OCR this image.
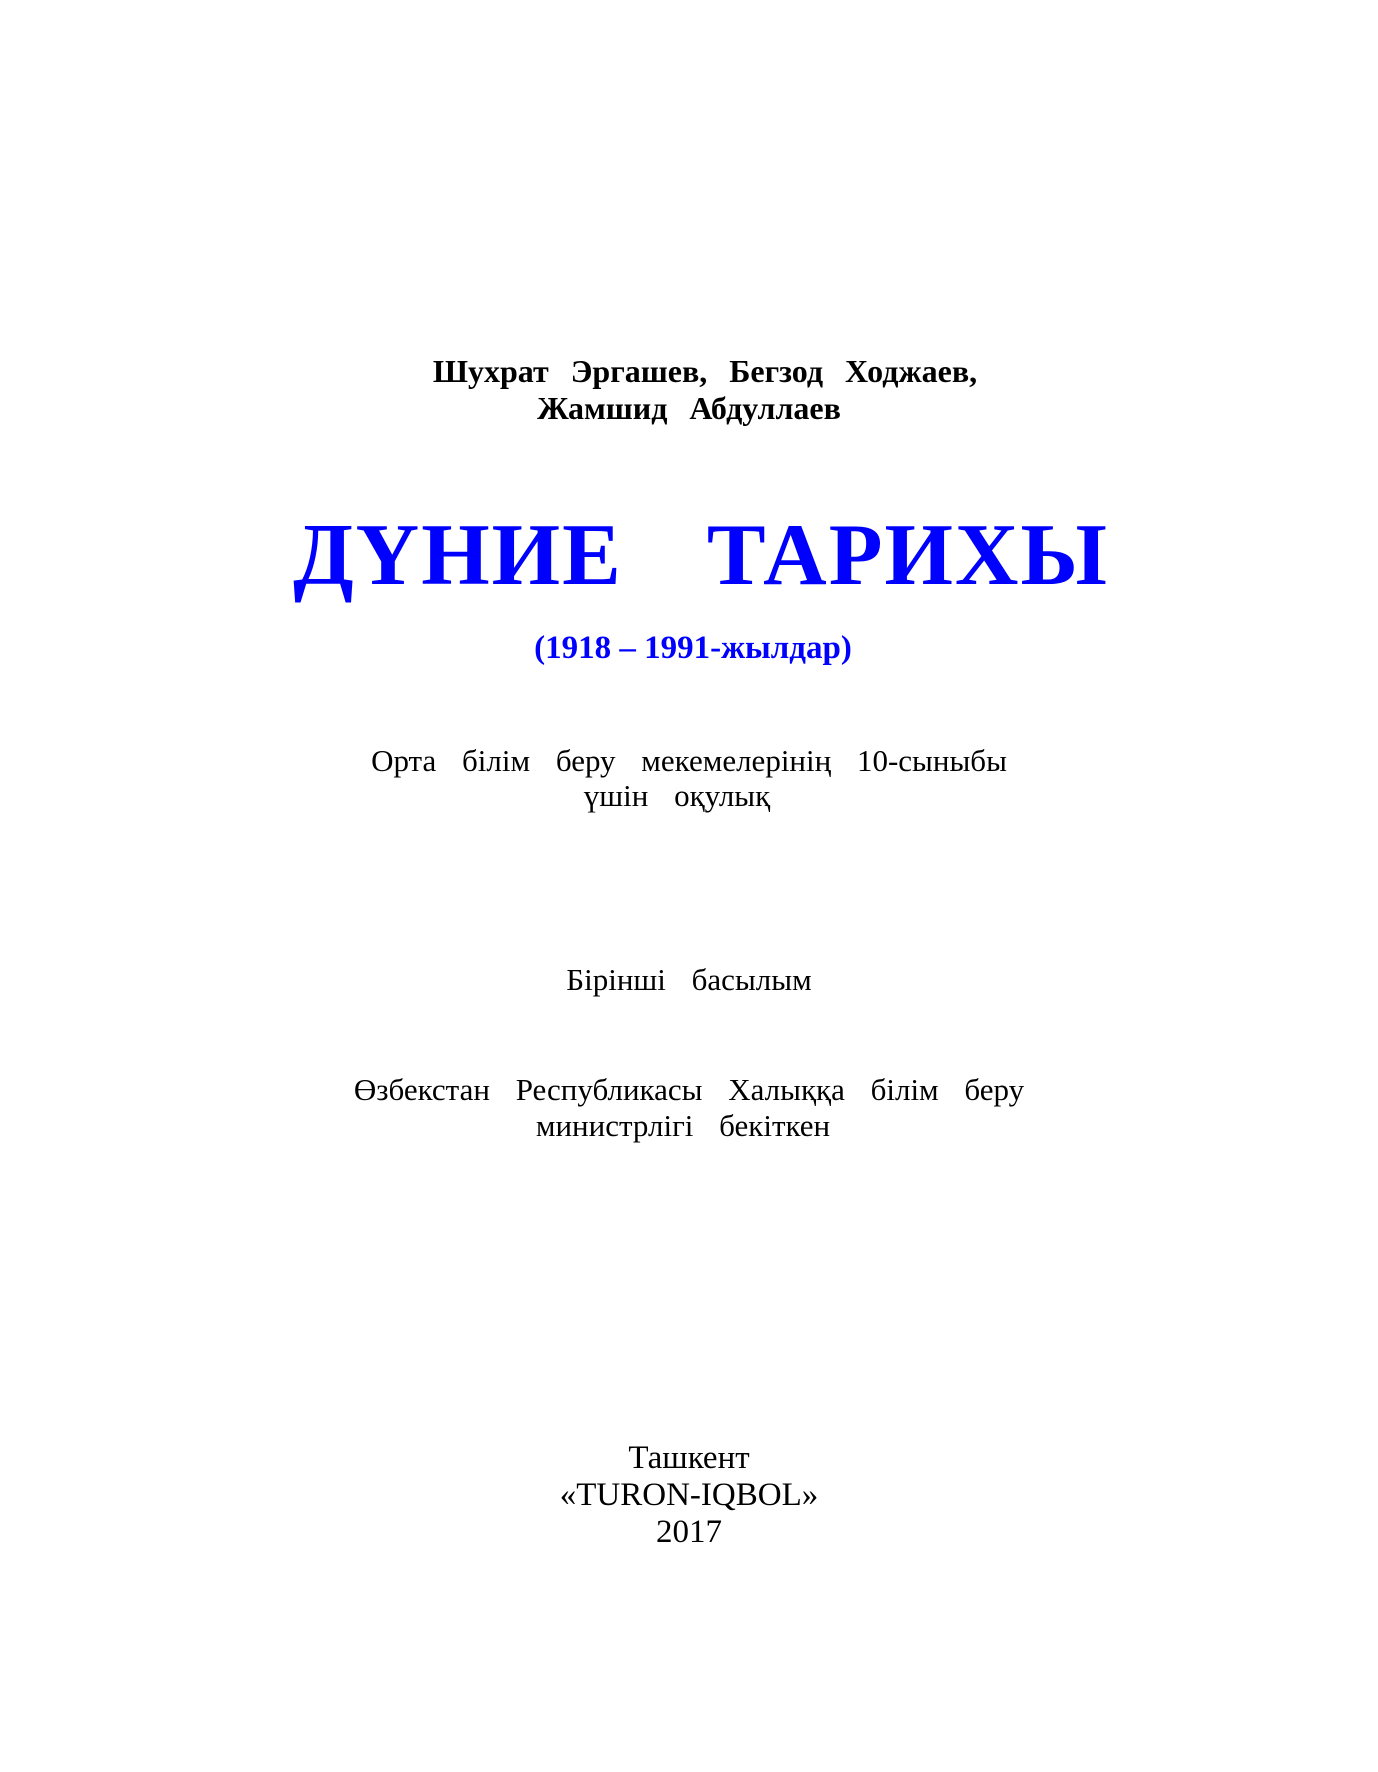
Шухрат Эргашев, Бегзод Ходжаев,
Жамшид Абдуллаев
ДҮНИЕ ТАРИХЫ
(1918 – 1991-жылдар)
Орта білім беру мекемелерінің 10-сыныбы
үшін оқулық
Бірінші басылым
Өзбекстан Республикасы Халыққа білім беру
министрлігі бекіткен
Ташкент
«TURON-IQBOL»
2017
